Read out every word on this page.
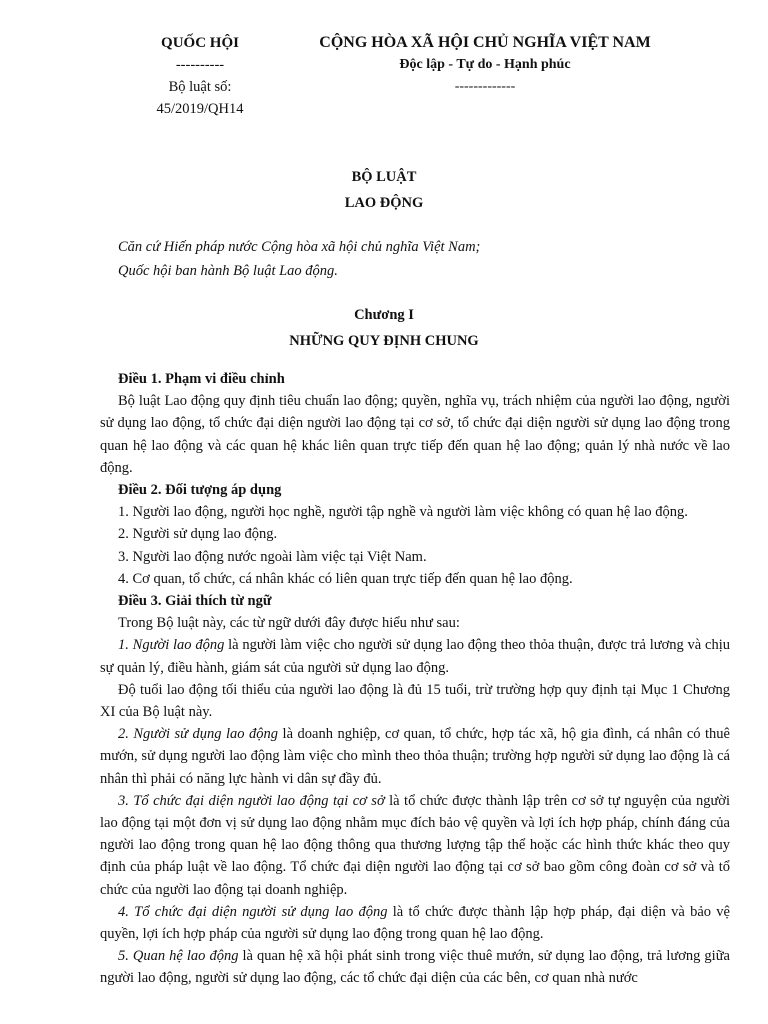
QUỐC HỘI
----------
Bộ luật số:
45/2019/QH14
CỘNG HÒA XÃ HỘI CHỦ NGHĨA VIỆT NAM
Độc lập - Tự do - Hạnh phúc
-------------
BỘ LUẬT
LAO ĐỘNG
Căn cứ Hiến pháp nước Cộng hòa xã hội chủ nghĩa Việt Nam;
Quốc hội ban hành Bộ luật Lao động.
Chương I
NHỮNG QUY ĐỊNH CHUNG

Điều 1. Phạm vi điều chỉnh

Bộ luật Lao động quy định tiêu chuẩn lao động; quyền, nghĩa vụ, trách nhiệm của người lao động, người sử dụng lao động, tổ chức đại diện người lao động tại cơ sở, tổ chức đại diện người sử dụng lao động trong quan hệ lao động và các quan hệ khác liên quan trực tiếp đến quan hệ lao động; quản lý nhà nước về lao động.

Điều 2. Đối tượng áp dụng

1. Người lao động, người học nghề, người tập nghề và người làm việc không có quan hệ lao động.

2. Người sử dụng lao động.

3. Người lao động nước ngoài làm việc tại Việt Nam.

4. Cơ quan, tổ chức, cá nhân khác có liên quan trực tiếp đến quan hệ lao động.

Điều 3. Giải thích từ ngữ

Trong Bộ luật này, các từ ngữ dưới đây được hiểu như sau:

1. Người lao động là người làm việc cho người sử dụng lao động theo thỏa thuận, được trả lương và chịu sự quản lý, điều hành, giám sát của người sử dụng lao động.

Độ tuổi lao động tối thiểu của người lao động là đủ 15 tuổi, trừ trường hợp quy định tại Mục 1 Chương XI của Bộ luật này.

2. Người sử dụng lao động là doanh nghiệp, cơ quan, tổ chức, hợp tác xã, hộ gia đình, cá nhân có thuê mướn, sử dụng người lao động làm việc cho mình theo thỏa thuận; trường hợp người sử dụng lao động là cá nhân thì phải có năng lực hành vi dân sự đầy đủ.

3. Tổ chức đại diện người lao động tại cơ sở là tổ chức được thành lập trên cơ sở tự nguyện của người lao động tại một đơn vị sử dụng lao động nhằm mục đích bảo vệ quyền và lợi ích hợp pháp, chính đáng của người lao động trong quan hệ lao động thông qua thương lượng tập thể hoặc các hình thức khác theo quy định của pháp luật về lao động. Tổ chức đại diện người lao động tại cơ sở bao gồm công đoàn cơ sở và tổ chức của người lao động tại doanh nghiệp.

4. Tổ chức đại diện người sử dụng lao động là tổ chức được thành lập hợp pháp, đại diện và bảo vệ quyền, lợi ích hợp pháp của người sử dụng lao động trong quan hệ lao động.

5. Quan hệ lao động là quan hệ xã hội phát sinh trong việc thuê mướn, sử dụng lao động, trả lương giữa người lao động, người sử dụng lao động, các tổ chức đại diện của các bên, cơ quan nhà nước
